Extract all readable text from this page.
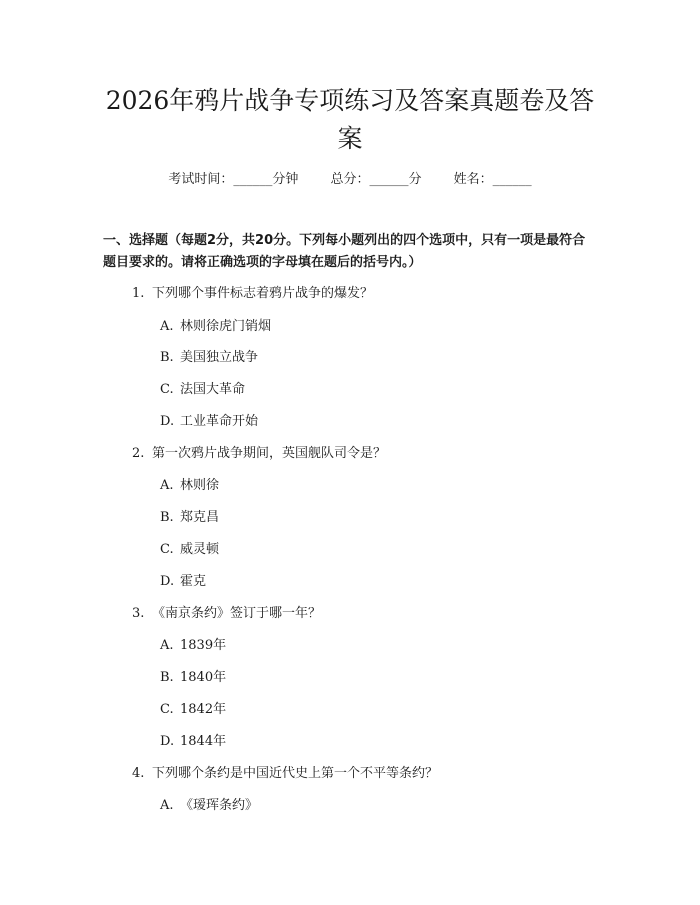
2026年鸦片战争专项练习及答案真题卷及答案
考试时间：______分钟 总分：______分 姓名：______

一、选择题（每题2分，共20分。下列每小题列出的四个选项中，只有一项是最符合题目要求的。请将正确选项的字母填在题后的括号内。）

1. 下列哪个事件标志着鸦片战争的爆发？
A. 林则徐虎门销烟
B. 美国独立战争
C. 法国大革命
D. 工业革命开始
2. 第一次鸦片战争期间，英国舰队司令是？
A. 林则徐
B. 郑克昌
C. 威灵顿
D. 霍克
3. 《南京条约》签订于哪一年？
A. 1839年
B. 1840年
C. 1842年
D. 1844年
4. 下列哪个条约是中国近代史上第一个不平等条约？
A. 《瑷珲条约》
